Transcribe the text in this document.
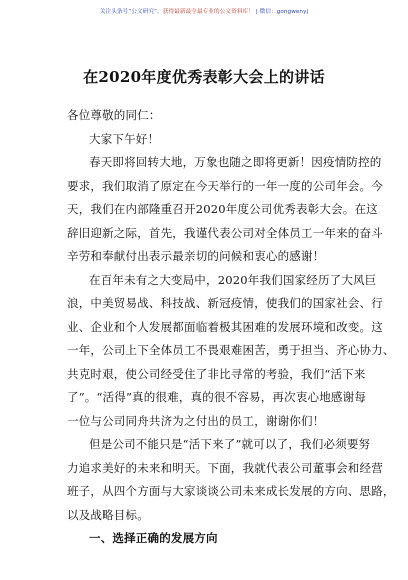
关注头条号“公文研究”，获得最新最全最专业的公文资料库！ | 微信：gongwenyj
在2020年度优秀表彰大会上的讲话

各位尊敬的同仁：

大家下午好！

春天即将回转大地，万象也随之即将更新！因疫情防控的

要求，我们取消了原定在今天举行的一年一度的公司年会。今

天，我们在内部隆重召开2020年度公司优秀表彰大会。在这

辞旧迎新之际，首先，我谨代表公司对全体员工一年来的奋斗

辛劳和奉献付出表示最亲切的问候和衷心的感谢！

在百年未有之大变局中，2020年我们国家经历了大风巨

浪，中美贸易战、科技战、新冠疫情，使我们的国家社会、行

业、企业和个人发展都面临着极其困难的发展环境和改变。这

一年，公司上下全体员工不畏艰难困苦，勇于担当、齐心协力、

共克时艰，使公司经受住了非比寻常的考验，我们“活下来

了”。“活得”真的很难，真的很不容易，再次衷心地感谢每

一位与公司同舟共济为之付出的员工，谢谢你们！

但是公司不能只是“活下来了”就可以了，我们必须要努

力追求美好的未来和明天。下面，我就代表公司董事会和经营

班子，从四个方面与大家谈谈公司未来成长发展的方向、思路，

以及战略目标。

一、选择正确的发展方向
